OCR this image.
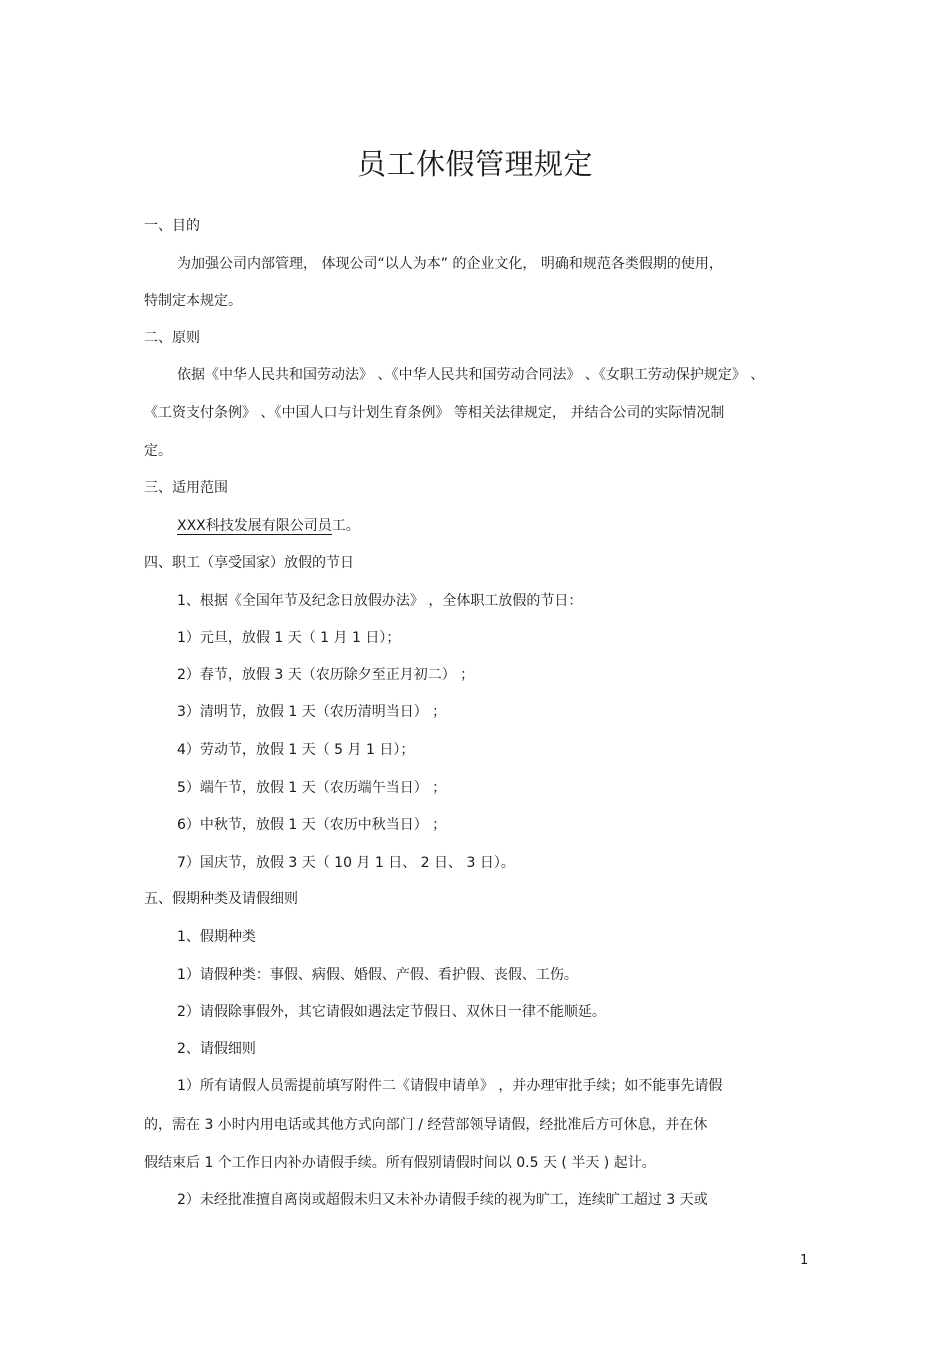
员工休假管理规定
一、目的
为加强公司内部管理， 体现公司“以人为本” 的企业文化， 明确和规范各类假期的使用，
特制定本规定。
二、原则
依据《中华人民共和国劳动法》 、《中华人民共和国劳动合同法》 、《女职工劳动保护规定》 、
《工资支付条例》 、《中国人口与计划生育条例》 等相关法律规定， 并结合公司的实际情况制
定。
三、适用范围
XXX科技发展有限公司员工。
四、职工（享受国家）放假的节日
1、根据《全国年节及纪念日放假办法》 ，全体职工放假的节日：
1）元旦，放假 1 天（ 1 月 1 日）；
2）春节，放假 3 天（农历除夕至正月初二） ；
3）清明节，放假 1 天（农历清明当日） ；
4）劳动节，放假 1 天（ 5 月 1 日）；
5）端午节，放假 1 天（农历端午当日） ；
6）中秋节，放假 1 天（农历中秋当日） ；
7）国庆节，放假 3 天（ 10 月 1 日、 2 日、 3 日）。
五、假期种类及请假细则
1、假期种类
1）请假种类：事假、病假、婚假、产假、看护假、丧假、工伤。
2）请假除事假外，其它请假如遇法定节假日、双休日一律不能顺延。
2、请假细则
1）所有请假人员需提前填写附件二《请假申请单》 ，并办理审批手续；如不能事先请假
的，需在 3 小时内用电话或其他方式向部门 / 经营部领导请假，经批准后方可休息，并在休
假结束后 1 个工作日内补办请假手续。所有假别请假时间以 0.5 天 ( 半天 ) 起计。
2）未经批准擅自离岗或超假未归又未补办请假手续的视为旷工，连续旷工超过 3 天或
1
